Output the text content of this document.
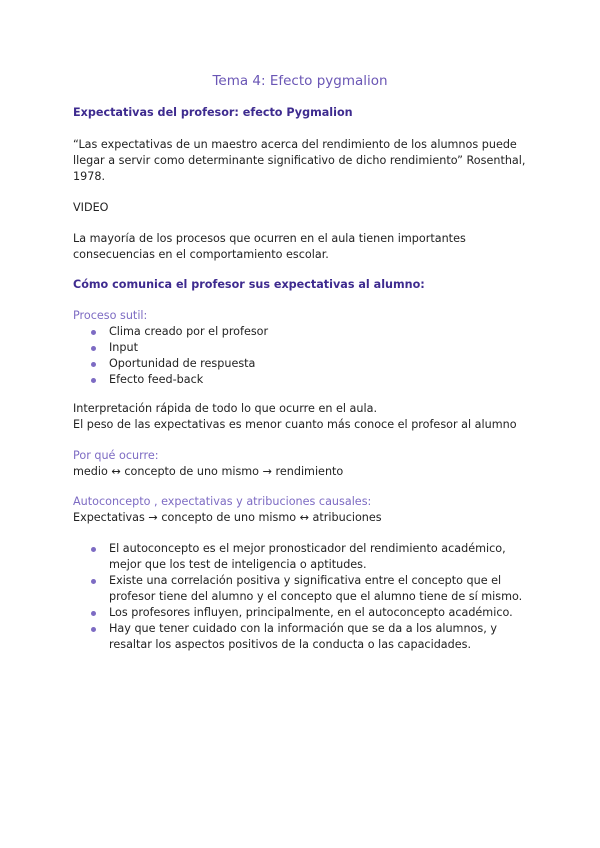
Tema 4: Efecto pygmalion

Expectativas del profesor: efecto Pygmalion

“Las expectativas de un maestro acerca del rendimiento de los alumnos puede

llegar a servir como determinante significativo de dicho rendimiento” Rosenthal,

1978.

VIDEO

La mayoría de los procesos que ocurren en el aula tienen importantes

consecuencias en el comportamiento escolar.

Cómo comunica el profesor sus expectativas al alumno:

Proceso sutil:

Clima creado por el profesor
Input
Oportunidad de respuesta
Efecto feed-back

Interpretación rápida de todo lo que ocurre en el aula.

El peso de las expectativas es menor cuanto más conoce el profesor al alumno

Por qué ocurre:

medio ↔ concepto de uno mismo → rendimiento

Autoconcepto , expectativas y atribuciones causales:

Expectativas → concepto de uno mismo ↔ atribuciones

El autoconcepto es el mejor pronosticador del rendimiento académico,
mejor que los test de inteligencia o aptitudes.
Existe una correlación positiva y significativa entre el concepto que el
profesor tiene del alumno y el concepto que el alumno tiene de sí mismo.
Los profesores influyen, principalmente, en el autoconcepto académico.
Hay que tener cuidado con la información que se da a los alumnos, y
resaltar los aspectos positivos de la conducta o las capacidades.
